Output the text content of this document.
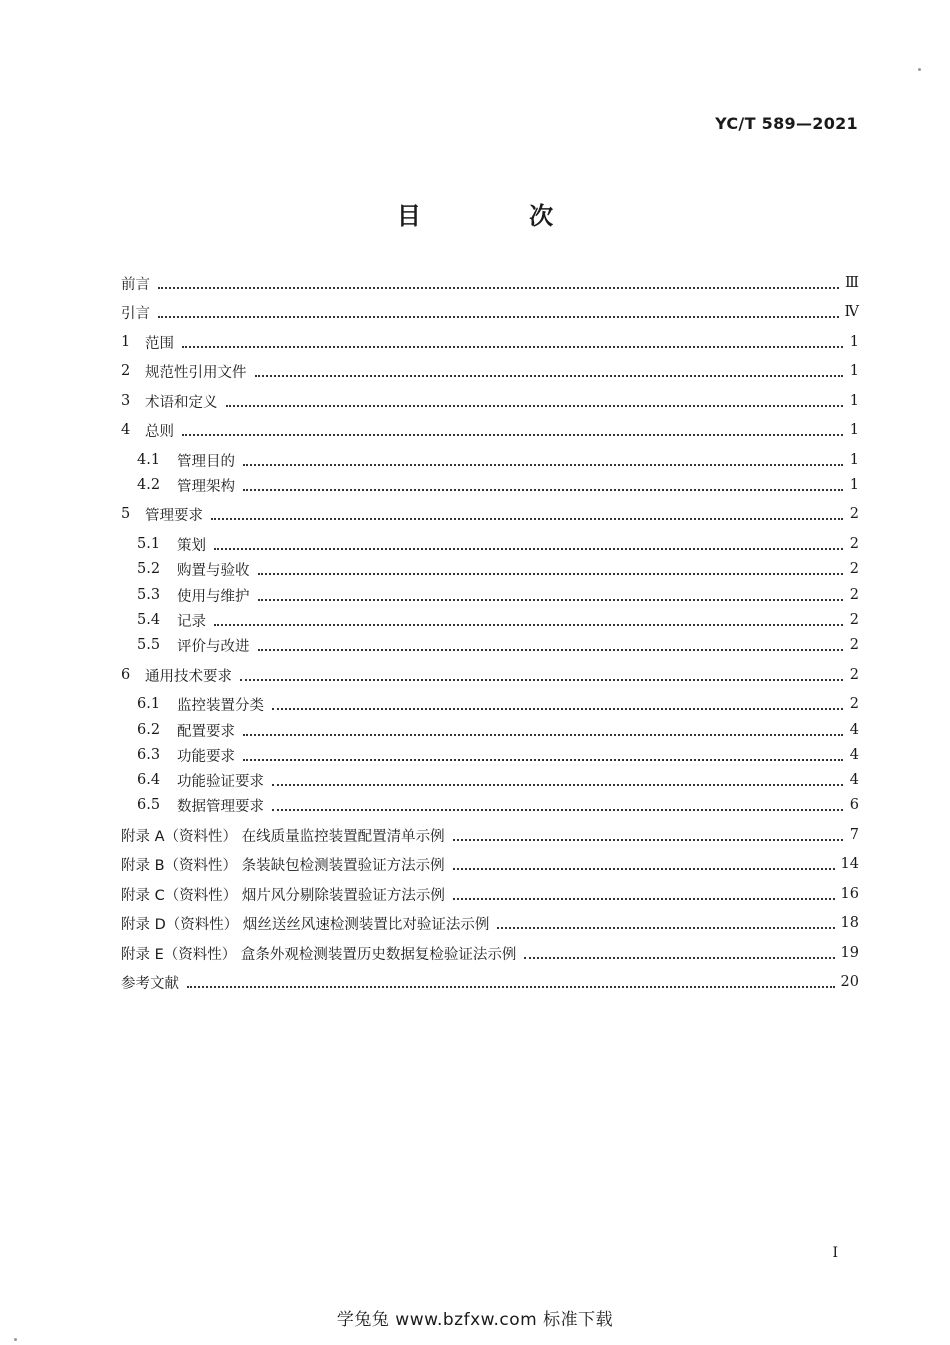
YC/T 589—2021
目 次
前言	Ⅲ
引言	Ⅳ
1	范围	1
2	规范性引用文件	1
3	术语和定义	1
4	总则	1
4.1	管理目的	1
4.2	管理架构	1
5	管理要求	2
5.1	策划	2
5.2	购置与验收	2
5.3	使用与维护	2
5.4	记录	2
5.5	评价与改进	2
6	通用技术要求	2
6.1	监控装置分类	2
6.2	配置要求	4
6.3	功能要求	4
6.4	功能验证要求	4
6.5	数据管理要求	6
附录 A（资料性） 在线质量监控装置配置清单示例	7
附录 B（资料性） 条装缺包检测装置验证方法示例	14
附录 C（资料性） 烟片风分剔除装置验证方法示例	16
附录 D（资料性） 烟丝送丝风速检测装置比对验证法示例	18
附录 E（资料性） 盒条外观检测装置历史数据复检验证法示例	19
参考文献	20
I
学兔兔 www.bzfxw.com 标准下载
